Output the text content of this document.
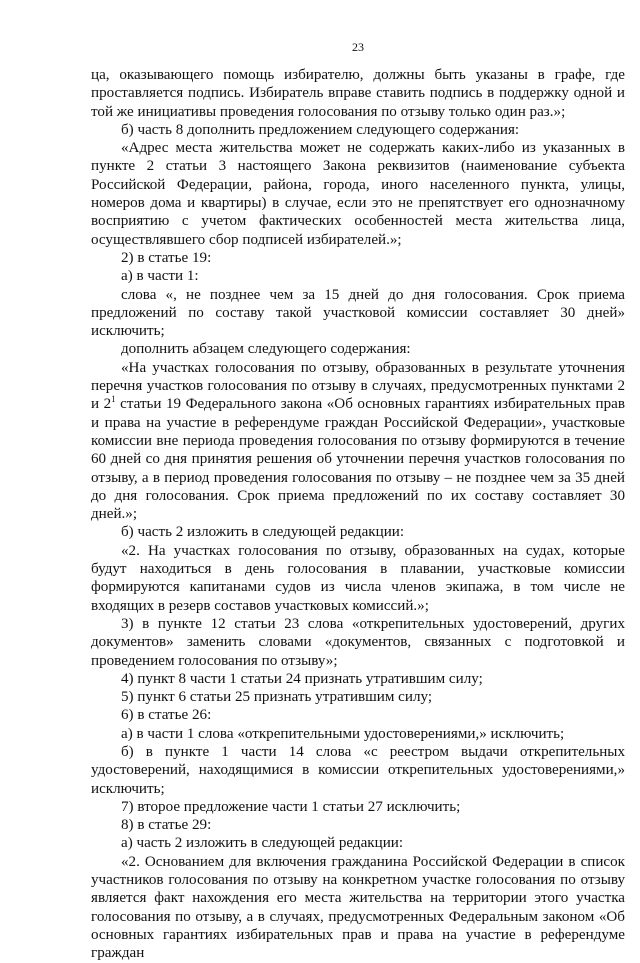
23

ца, оказывающего помощь избирателю, должны быть указаны в графе, где проставляется подпись. Избиратель вправе ставить подпись в поддержку одной и той же инициативы проведения голосования по отзыву только один раз.»;

б) часть 8 дополнить предложением следующего содержания:

«Адрес места жительства может не содержать каких-либо из указанных в пункте 2 статьи 3 настоящего Закона реквизитов (наименование субъекта Российской Федерации, района, города, иного населенного пункта, улицы, номеров дома и квартиры) в случае, если это не препятствует его однозначному восприятию с учетом фактических особенностей места жительства лица, осуществлявшего сбор подписей избирателей.»;

2) в статье 19:

а) в части 1:

слова «, не позднее чем за 15 дней до дня голосования. Срок приема предложений по составу такой участковой комиссии составляет 30 дней» исключить;

дополнить абзацем следующего содержания:

«На участках голосования по отзыву, образованных в результате уточнения перечня участков голосования по отзыву в случаях, предусмотренных пунктами 2 и $2^1$ статьи 19 Федерального закона «Об основных гарантиях избирательных прав и права на участие в референдуме граждан Российской Федерации», участковые комиссии вне периода проведения голосования по отзыву формируются в течение 60 дней со дня принятия решения об уточнении перечня участков голосования по отзыву, а в период проведения голосования по отзыву – не позднее чем за 35 дней до дня голосования. Срок приема предложений по их составу составляет 30 дней.»;

б) часть 2 изложить в следующей редакции:

«2. На участках голосования по отзыву, образованных на судах, которые будут находиться в день голосования в плавании, участковые комиссии формируются капитанами судов из числа членов экипажа, в том числе не входящих в резерв составов участковых комиссий.»;

3) в пункте 12 статьи 23 слова «открепительных удостоверений, других документов» заменить словами «документов, связанных с подготовкой и проведением голосования по отзыву»;

4) пункт 8 части 1 статьи 24 признать утратившим силу;

5) пункт 6 статьи 25 признать утратившим силу;

6) в статье 26:

а) в части 1 слова «открепительными удостоверениями,» исключить;

б) в пункте 1 части 14 слова «с реестром выдачи открепительных удостоверений, находящимися в комиссии открепительных удостоверениями,» исключить;

7) второе предложение части 1 статьи 27 исключить;

8) в статье 29:

а) часть 2 изложить в следующей редакции:

«2. Основанием для включения гражданина Российской Федерации в список участников голосования по отзыву на конкретном участке голосования по отзыву является факт нахождения его места жительства на территории этого участка голосования по отзыву, а в случаях, предусмотренных Федеральным законом «Об основных гарантиях избирательных прав и права на участие в референдуме граждан
